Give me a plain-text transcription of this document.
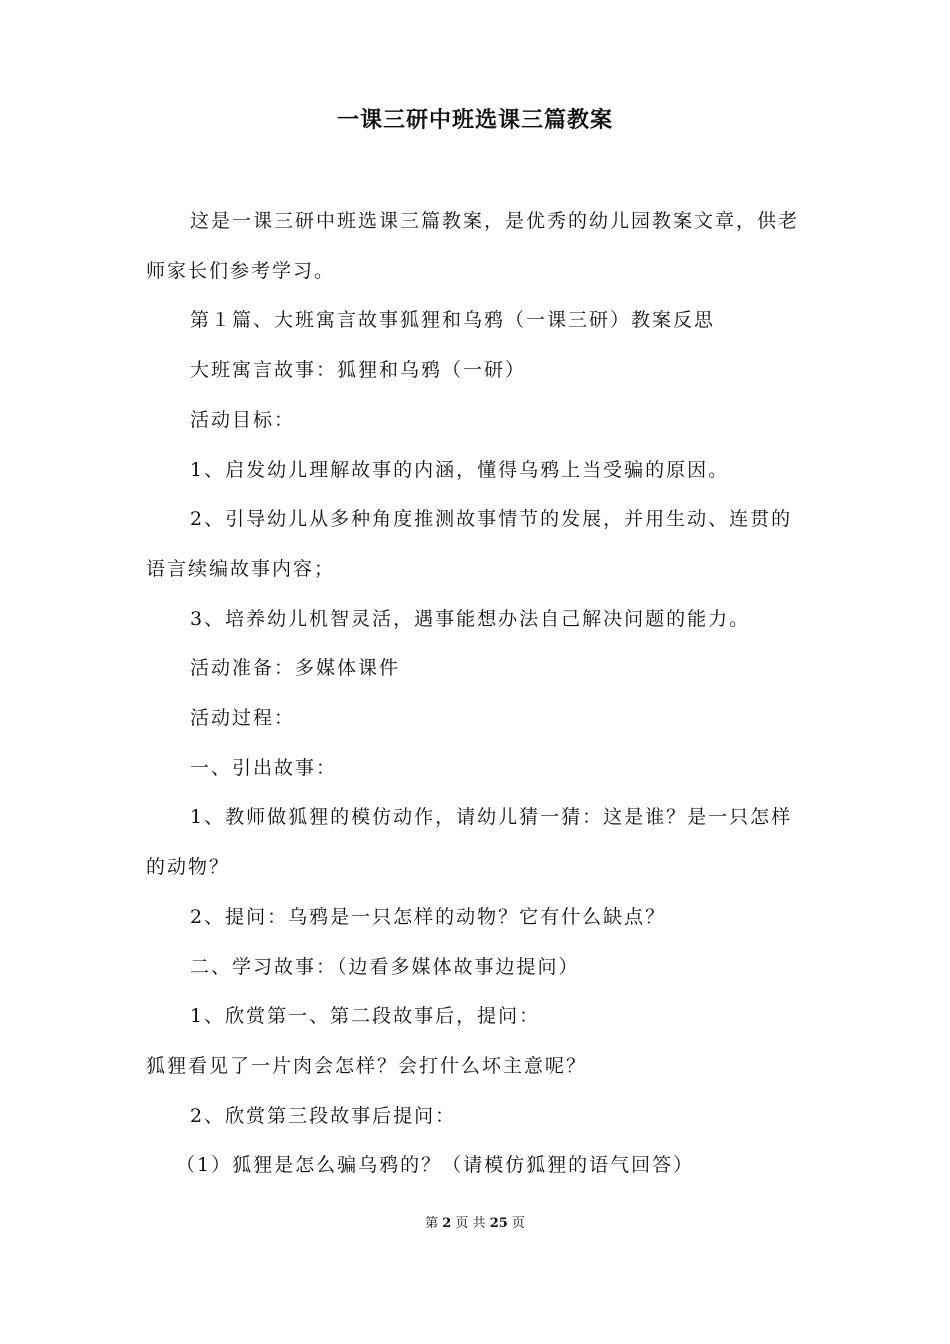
一课三研中班选课三篇教案

这是一课三研中班选课三篇教案，是优秀的幼儿园教案文章，供老师家长们参考学习。

第１篇、大班寓言故事狐狸和乌鸦（一课三研）教案反思

大班寓言故事：狐狸和乌鸦（一研）

活动目标：

1、启发幼儿理解故事的内涵，懂得乌鸦上当受骗的原因。

2、引导幼儿从多种角度推测故事情节的发展，并用生动、连贯的语言续编故事内容；

3、培养幼儿机智灵活，遇事能想办法自己解决问题的能力。

活动准备：多媒体课件

活动过程：

一、引出故事：

1、教师做狐狸的模仿动作，请幼儿猜一猜：这是谁？是一只怎样的动物？

2、提问：乌鸦是一只怎样的动物？它有什么缺点？

二、学习故事：（边看多媒体故事边提问）

1、欣赏第一、第二段故事后，提问：

狐狸看见了一片肉会怎样？会打什么坏主意呢？

2、欣赏第三段故事后提问：

（1）狐狸是怎么骗乌鸦的？（请模仿狐狸的语气回答）

第 2 页 共 25 页
